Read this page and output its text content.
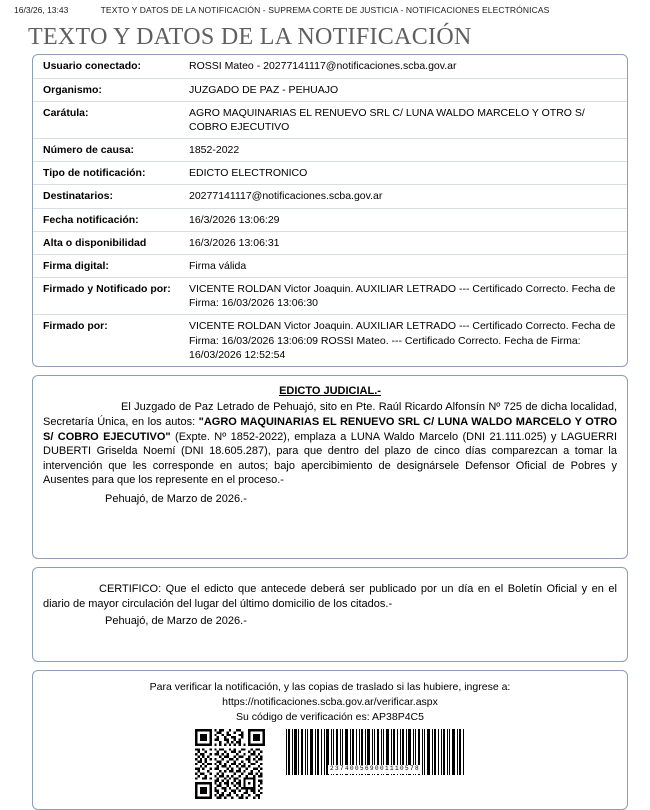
16/3/26, 13:43	TEXTO Y DATOS DE LA NOTIFICACIÓN - SUPREMA CORTE DE JUSTICIA - NOTIFICACIONES ELECTRÓNICAS
TEXTO Y DATOS DE LA NOTIFICACIÓN
Usuario conectado:	ROSSI Mateo - 20277141117@notificaciones.scba.gov.ar
Organismo:	JUZGADO DE PAZ - PEHUAJO
Carátula:	AGRO MAQUINARIAS EL RENUEVO SRL C/ LUNA WALDO MARCELO Y OTRO S/ COBRO EJECUTIVO
Número de causa:	1852-2022
Tipo de notificación:	EDICTO ELECTRONICO
Destinatarios:	20277141117@notificaciones.scba.gov.ar
Fecha notificación:	16/3/2026 13:06:29
Alta o disponibilidad	16/3/2026 13:06:31
Firma digital:	Firma válida
Firmado y Notificado por:	VICENTE ROLDAN Victor Joaquin. AUXILIAR LETRADO --- Certificado Correcto. Fecha de Firma: 16/03/2026 13:06:30
Firmado por:	VICENTE ROLDAN Victor Joaquin. AUXILIAR LETRADO --- Certificado Correcto. Fecha de Firma: 16/03/2026 13:06:09 ROSSI Mateo. --- Certificado Correcto. Fecha de Firma: 16/03/2026 12:52:54
EDICTO JUDICIAL.-

El Juzgado de Paz Letrado de Pehuajó, sito en Pte. Raúl Ricardo Alfonsín Nº 725 de dicha localidad, Secretaría Única, en los autos: "AGRO MAQUINARIAS EL RENUEVO SRL C/ LUNA WALDO MARCELO Y OTRO S/ COBRO EJECUTIVO" (Expte. Nº 1852-2022), emplaza a LUNA Waldo Marcelo (DNI 21.111.025) y LAGUERRI DUBERTI Griselda Noemí (DNI 18.605.287), para que dentro del plazo de cinco días comparezcan a tomar la intervención que les corresponde en autos; bajo apercibimiento de designársele Defensor Oficial de Pobres y Ausentes para que los represente en el proceso.-

Pehuajó, de Marzo de 2026.-

CERTIFICO: Que el edicto que antecede deberá ser publicado por un día en el Boletín Oficial y en el diario de mayor circulación del lugar del último domicilio de los citados.-

Pehuajó, de Marzo de 2026.-
Para verificar la notificación, y las copias de traslado si las hubiere, ingrese a:
https://notificaciones.scba.gov.ar/verificar.aspx
Su código de verificación es: AP38P4C5
237400569001110578
